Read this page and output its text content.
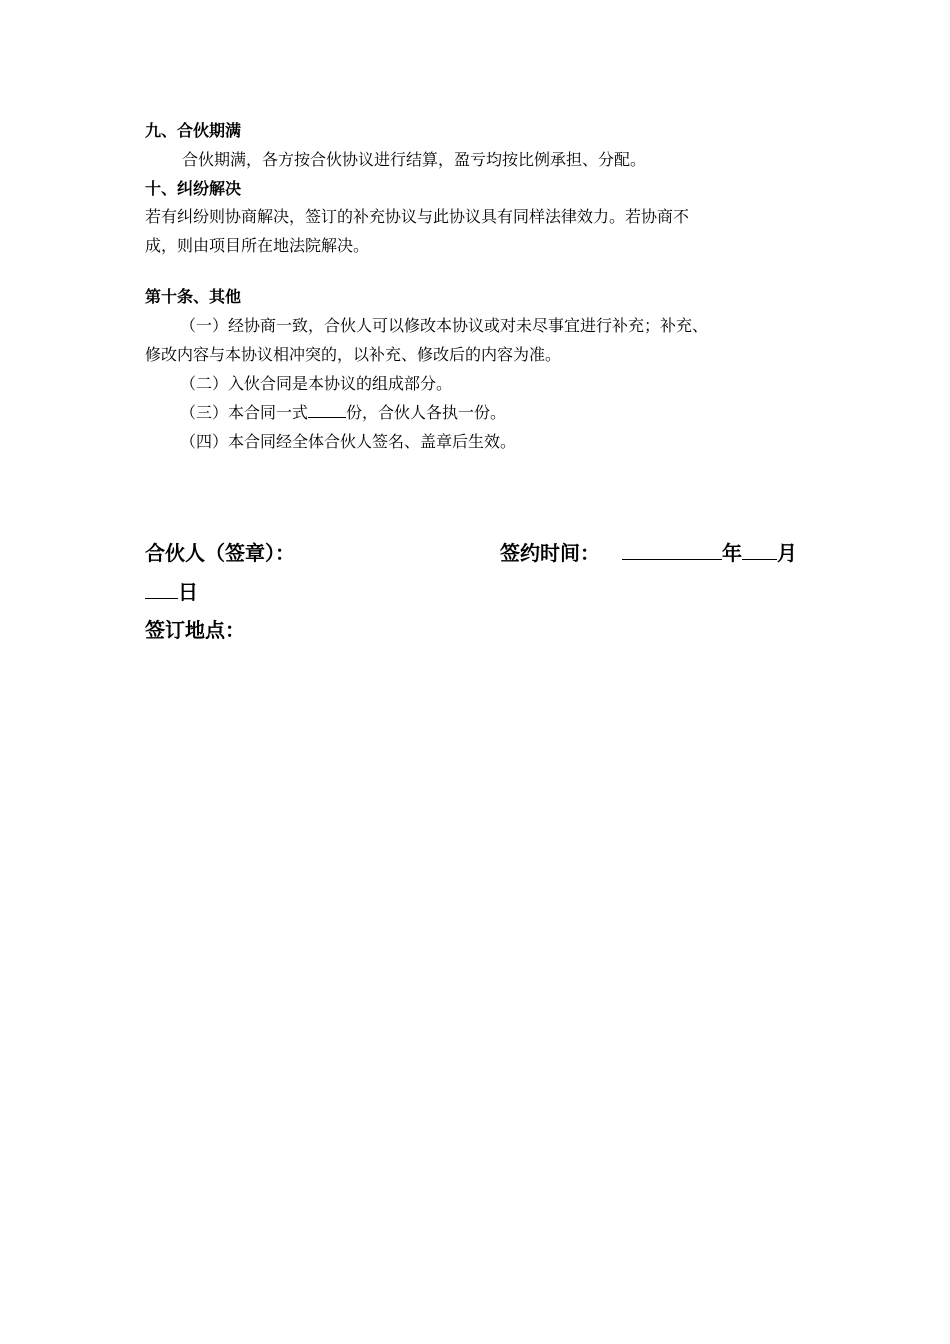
九、合伙期满
合伙期满，各方按合伙协议进行结算，盈亏均按比例承担、分配。
十、纠纷解决
若有纠纷则协商解决，签订的补充协议与此协议具有同样法律效力。若协商不
成，则由项目所在地法院解决。
第十条、其他
（一）经协商一致，合伙人可以修改本协议或对未尽事宜进行补充；补充、
修改内容与本协议相冲突的，以补充、修改后的内容为准。
（二）入伙合同是本协议的组成部分。
（三）本合同一式 份，合伙人各执一份。
（四）本合同经全体合伙人签名、盖章后生效。
合伙人（签章）：	签约时间：	年 月
日
签订地点：
